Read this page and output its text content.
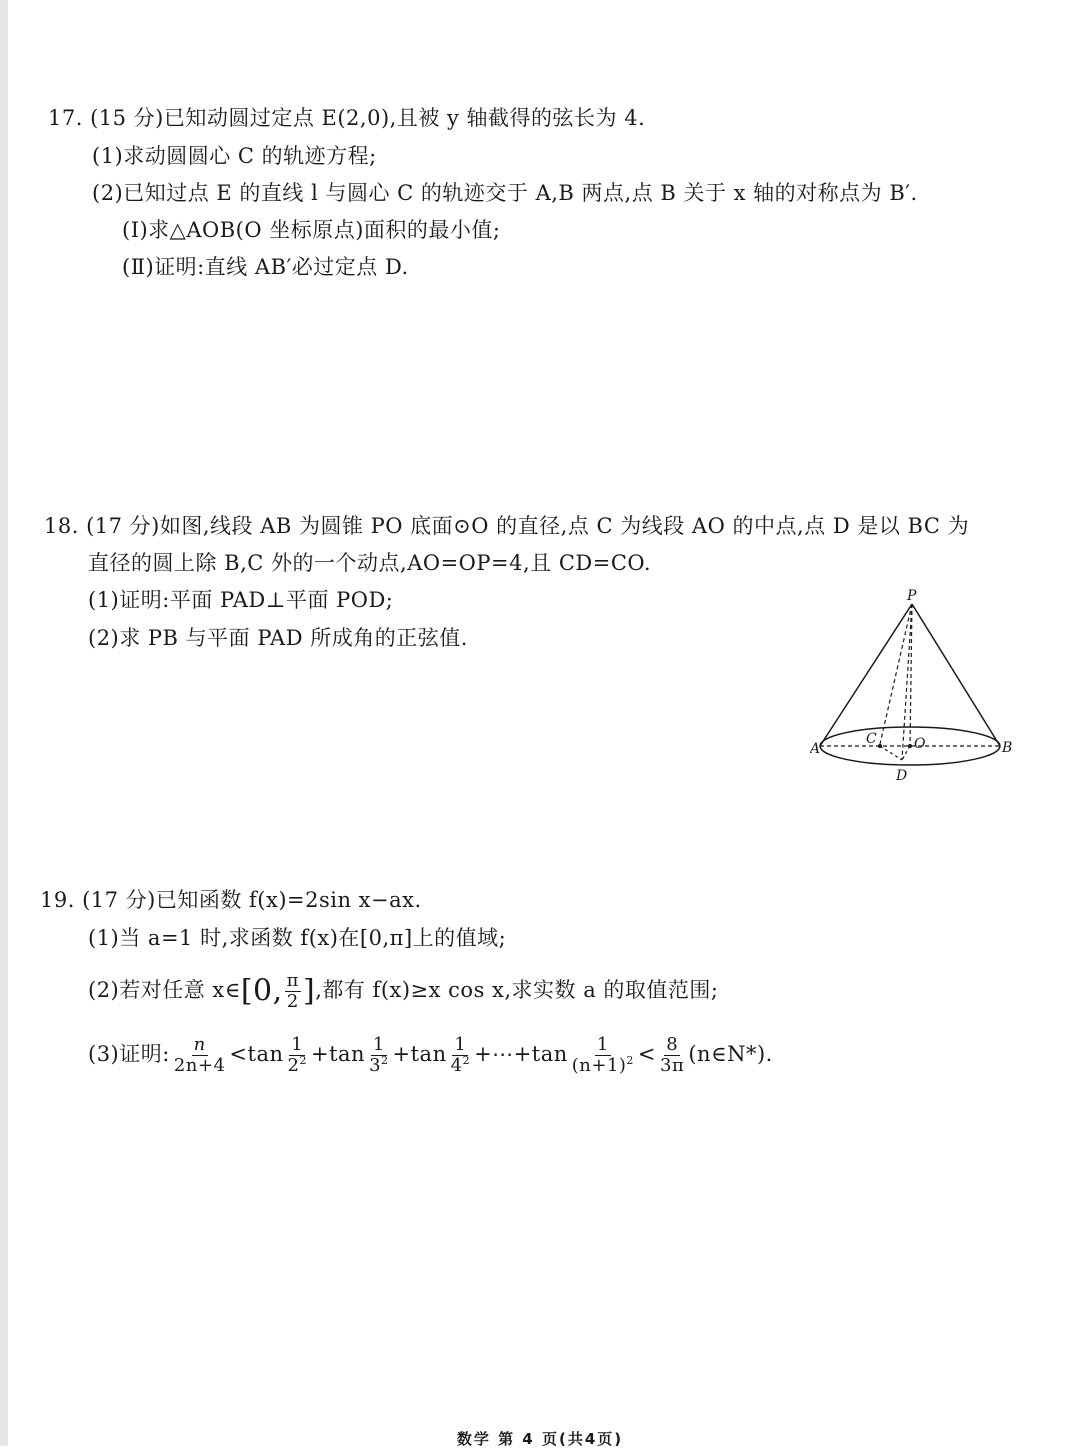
17. (15 分)已知动圆过定点 E(2,0),且被 y 轴截得的弦长为 4.
(1)求动圆圆心 C 的轨迹方程;
(2)已知过点 E 的直线 l 与圆心 C 的轨迹交于 A,B 两点,点 B 关于 x 轴的对称点为 B′.
(Ⅰ)求△AOB(O 坐标原点)面积的最小值;
(Ⅱ)证明:直线 AB′必过定点 D.
18. (17 分)如图,线段 AB 为圆锥 PO 底面⊙O 的直径,点 C 为线段 AO 的中点,点 D 是以 BC 为
直径的圆上除 B,C 外的一个动点,AO=OP=4,且 CD=CO.
(1)证明:平面 PAD⊥平面 POD;
(2)求 PB 与平面 PAD 所成角的正弦值.
P
A	B
C	O
D
19. (17 分)已知函数 f(x)=2sin x−ax.
(1)当 a=1 时,求函数 f(x)在[0,π]上的值域;
(2)若对任意 x∈[0, $\frac{\pi}{2}$ ],都有 f(x)≥x cos x,求实数 a 的取值范围;
(3)证明: $\frac{n}{2n+4} <\tan \frac{1}{2^2} +\tan \frac{1}{3^2} +\tan \frac{1}{4^2}$ +⋯+tan $\frac{1}{(n+1)^2} < \frac{8}{3\pi}$ (n∈N*).
数学 第 4 页(共4页)
